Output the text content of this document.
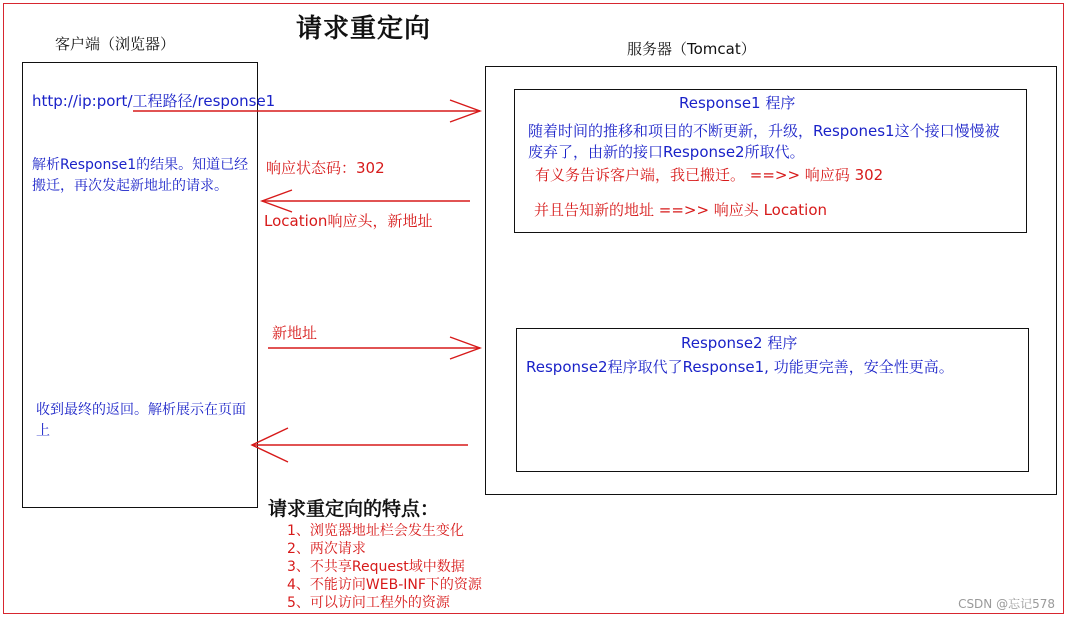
请求重定向
客户端（浏览器）
http://ip:port/工程路径/response1
解析Response1的结果。知道已经搬迁，再次发起新地址的请求。
收到最终的返回。解析展示在页面上
服务器（Tomcat）
Response1 程序
随着时间的推移和项目的不断更新，升级，Respones1这个接口慢慢被废弃了，由新的接口Response2所取代。
有义务告诉客户端，我已搬迁。 ==>> 响应码 302
并且告知新的地址 ==>> 响应头 Location
Response2 程序
Response2程序取代了Response1, 功能更完善，安全性更高。
响应状态码：302
Location响应头，新地址
新地址
请求重定向的特点：
1、浏览器地址栏会发生变化
2、两次请求
3、不共享Request域中数据
4、不能访问WEB-INF下的资源
5、可以访问工程外的资源	CSDN @忘记578
